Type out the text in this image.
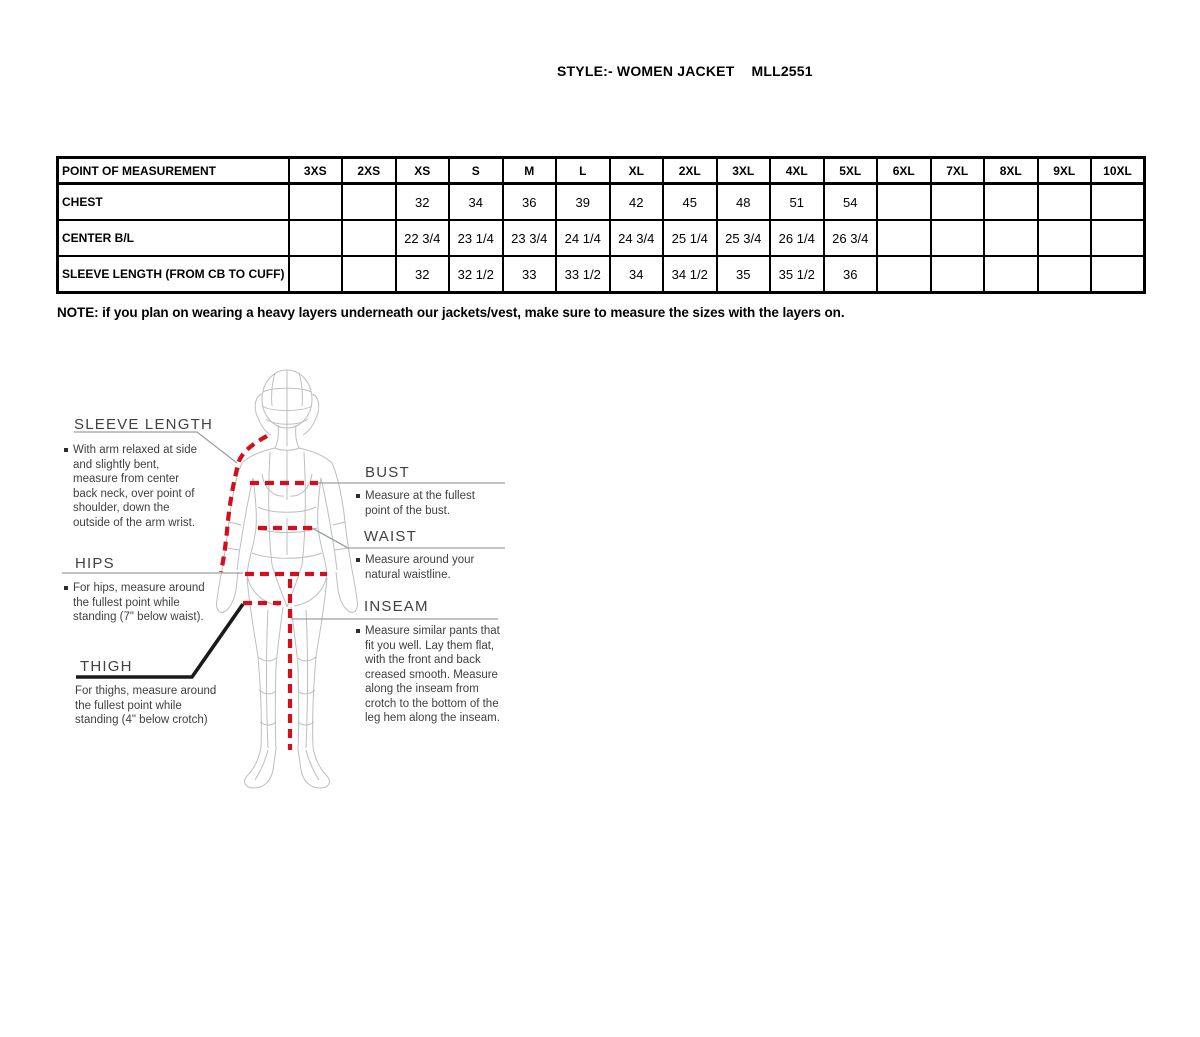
STYLE:- WOMEN JACKET MLL2551
POINT OF MEASUREMENT	3XS	2XS	XS	S	M	L	XL	2XL	3XL	4XL	5XL	6XL	7XL	8XL	9XL	10XL
CHEST			32	34	36	39	42	45	48	51	54					
CENTER B/L			22 3/4	23 1/4	23 3/4	24 1/4	24 3/4	25 1/4	25 3/4	26 1/4	26 3/4					
SLEEVE LENGTH (FROM CB TO CUFF)			32	32 1/2	33	33 1/2	34	34 1/2	35	35 1/2	36					
NOTE: if you plan on wearing a heavy layers underneath our jackets/vest, make sure to measure the sizes with the layers on.
SLEEVE LENGTH

With arm relaxed at side and slightly bent, measure from center back neck, over point of shoulder, down the outside of the arm wrist.

HIPS

For hips, measure around the fullest point while standing (7" below waist).

THIGH

For thighs, measure around the fullest point while standing (4" below crotch)

BUST

Measure at the fullest point of the bust.

WAIST

Measure around your natural waistline.

INSEAM

Measure similar pants that fit you well. Lay them flat, with the front and back creased smooth. Measure along the inseam from crotch to the bottom of the leg hem along the inseam.
